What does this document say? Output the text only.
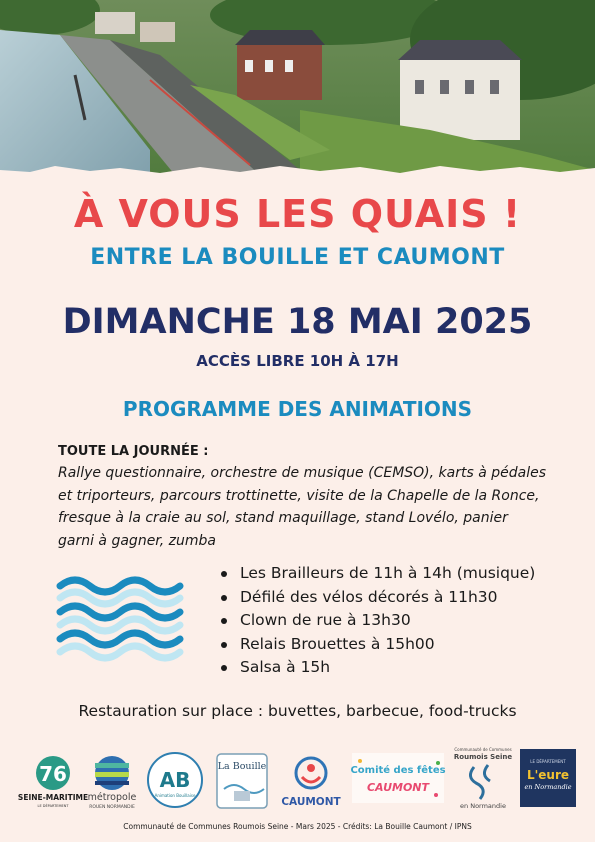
À VOUS LES QUAIS !
ENTRE LA BOUILLE ET CAUMONT
DIMANCHE 18 MAI 2025
ACCÈS LIBRE 10H À 17H
PROGRAMME DES ANIMATIONS
TOUTE LA JOURNÉE :
Rallye questionnaire, orchestre de musique (CEMSO), karts à pédales et triporteurs, parcours trottinette, visite de la Chapelle de la Ronce, fresque à la craie au sol, stand maquillage, stand Lovélo, panier garni à gagner, zumba
Les Brailleurs de 11h à 14h (musique)
Défilé des vélos décorés à 11h30
Clown de rue à 13h30
Relais Brouettes à 15h00
Salsa à 15h
Restauration sur place : buvettes, barbecue, food-trucks
76
SEINE-MARITIME
LE DÉPARTEMENT
métropole
ROUEN NORMANDIE
AB
Animation Bouillaise
La Bouille
CAUMONT
Comité des fêtes
CAUMONT
Communauté de Communes
Roumois Seine
en Normandie
LE DÉPARTEMENT
L'eure
en Normandie
Communauté de Communes Roumois Seine - Mars 2025 - Crédits: La Bouille Caumont / IPNS
